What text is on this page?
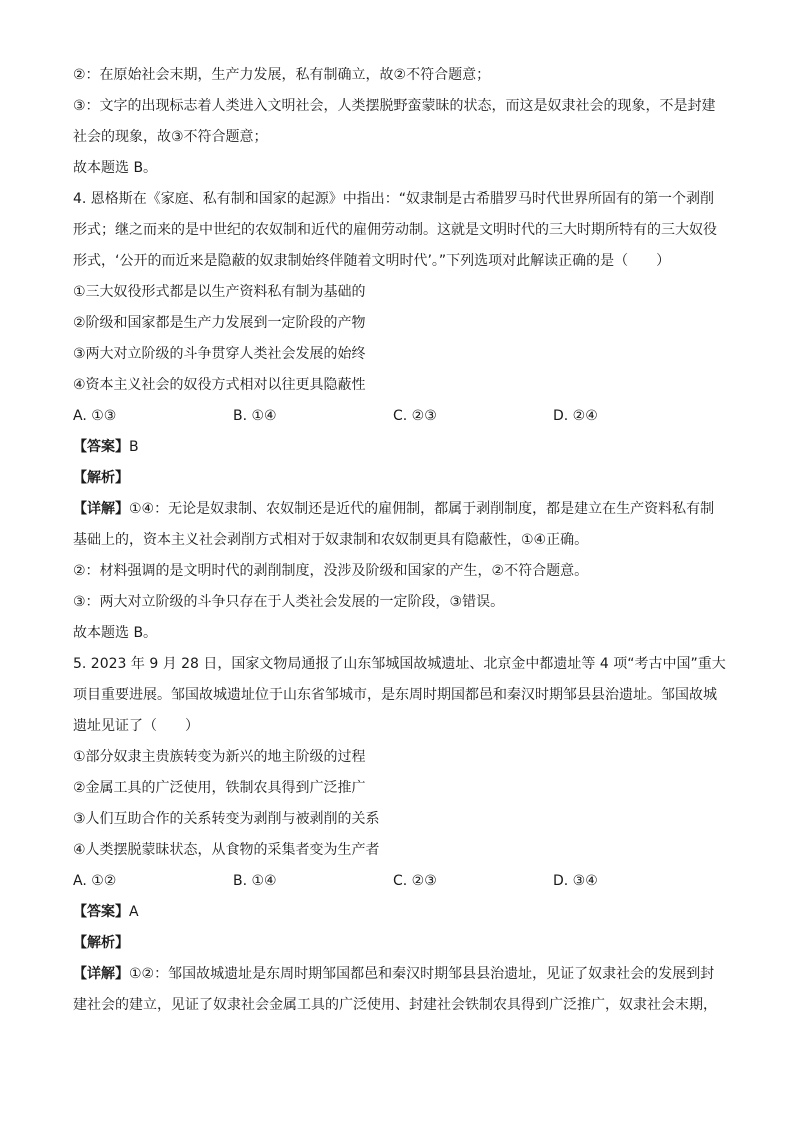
②：在原始社会末期，生产力发展，私有制确立，故②不符合题意；
③：文字的出现标志着人类进入文明社会，人类摆脱野蛮蒙昧的状态，而这是奴隶社会的现象，不是封建
社会的现象，故③不符合题意；
故本题选 B。
4. 恩格斯在《家庭、私有制和国家的起源》中指出：“奴隶制是古希腊罗马时代世界所固有的第一个剥削
形式；继之而来的是中世纪的农奴制和近代的雇佣劳动制。这就是文明时代的三大时期所特有的三大奴役
形式，‘公开的而近来是隐蔽的奴隶制始终伴随着文明时代’。”下列选项对此解读正确的是（　　）
①三大奴役形式都是以生产资料私有制为基础的
②阶级和国家都是生产力发展到一定阶段的产物
③两大对立阶级的斗争贯穿人类社会发展的始终
④资本主义社会的奴役方式相对以往更具隐蔽性
A. ①③	B. ①④	C. ②③	D. ②④
【答案】B
【解析】
【详解】①④：无论是奴隶制、农奴制还是近代的雇佣制，都属于剥削制度，都是建立在生产资料私有制
基础上的，资本主义社会剥削方式相对于奴隶制和农奴制更具有隐蔽性，①④正确。
②：材料强调的是文明时代的剥削制度，没涉及阶级和国家的产生，②不符合题意。
③：两大对立阶级的斗争只存在于人类社会发展的一定阶段，③错误。
故本题选 B。
5. 2023 年 9 月 28 日，国家文物局通报了山东邹城国故城遗址、北京金中都遗址等 4 项“考古中国”重大
项目重要进展。邹国故城遗址位于山东省邹城市，是东周时期国都邑和秦汉时期邹县县治遗址。邹国故城
遗址见证了（　　）
①部分奴隶主贵族转变为新兴的地主阶级的过程
②金属工具的广泛使用，铁制农具得到广泛推广
③人们互助合作的关系转变为剥削与被剥削的关系
④人类摆脱蒙昧状态，从食物的采集者变为生产者
A. ①②	B. ①④	C. ②③	D. ③④
【答案】A
【解析】
【详解】①②：邹国故城遗址是东周时期邹国都邑和秦汉时期邹县县治遗址，见证了奴隶社会的发展到封
建社会的建立，见证了奴隶社会金属工具的广泛使用、封建社会铁制农具得到广泛推广，奴隶社会末期，
